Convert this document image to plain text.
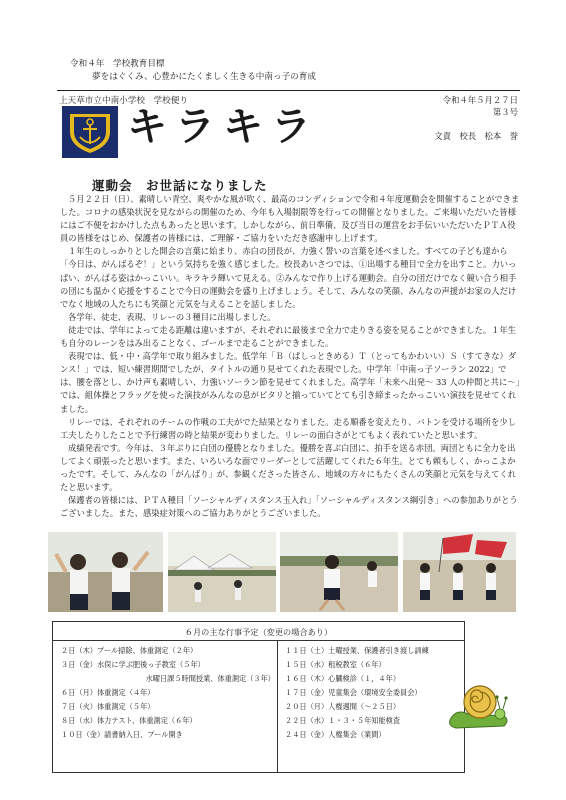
令和４年　学校教育目標
夢をはぐくみ、心豊かにたくましく生きる中南っ子の育成
上天草市立中南小学校　学校便り
キラキラ
令和４年５月２７日
第３号
文責　校長　松本　誉
運動会　お世話になりました

５月２２日（日）、素晴しい青空、爽やかな風が吹く、最高のコンディションで令和４年度運動会を開催することができました。コロナの感染状況を見ながらの開催のため、今年も入場制限等を行っての開催となりました。ご来場いただいた皆様にはご不便をおかけした点もあったと思います。しかしながら、前日準備、及び当日の運営をお手伝いいただいたＰＴＡ役員の皆様をはじめ、保護者の皆様には、ご理解・ご協力をいただき感謝申し上げます。

１年生のしっかりとした開会の言葉に始まり、赤白の団長が、力強く誓いの言葉を述べました。すべての子ども達から「今日は、がんばるぞ！」という気持ちを強く感じました。校長あいさつでは、①出場する種目で全力を出すこと。力いっぱい、がんばる姿はかっこいい。キラキラ輝いて見える。②みんなで作り上げる運動会。自分の団だけでなく競い合う相手の団にも温かく応援をすることで今日の運動会を盛り上げましょう。そして、みんなの笑顔、みんなの声援がお家の人だけでなく地域の人たちにも笑顔と元気を与えることを話しました。

各学年、徒走、表現、リレーの３種目に出場しました。

徒走では、学年によって走る距離は違いますが、それぞれに最後まで全力で走りきる姿を見ることができました。１年生も自分のレーンをはみ出ることなく、ゴールまで走ることができました。

表現では、低・中・高学年で取り組みました。低学年「Ｂ（ぱしっときめる）Ｔ（とってもかわいい）Ｓ（すてきな）ダンス！」では、短い練習期間でしたが、タイトルの通り見せてくれた表現でした。中学年「中南っ子ソーラン 2022」では、腰を落とし、かけ声も素晴しい、力強いソーラン節を見せてくれました。高学年「未来へ出発～ 33 人の仲間と共に～」では、組体操とフラッグを使った演技がみんなの息がピタリと揃っていてとても引き締まったかっこいい演技を見せてくれました。

リレーでは、それぞれのチームの作戦の工夫がでた結果となりました。走る順番を変えたり、バトンを受ける場所を少し工夫したりしたことで予行練習の時と結果が変わりました。リレーの面白さがとてもよく表れていたと思います。

成績発表です。今年は、３年ぶりに白団の優勝となりました。優勝を喜ぶ白団に、拍手を送る赤団。両団ともに全力を出してよく頑張ったと思います。また、いろいろな面でリーダーとして活躍してくれた６年生。とても頼もしく、かっこよかったです。そして、みんなの「がんばり」が、参観くださった皆さん、地域の方々にもたくさんの笑顔と元気を与えてくれたと思います。

保護者の皆様には、ＰＴＡ種目「ソーシャルディスタンス玉入れ」「ソーシャルディスタンス綱引き」への参加ありがとうございました。また、感染症対策へのご協力ありがとうございました。

６月の主な行事予定（変更の場合あり）
２日（木）プール掃除、体重測定（２年）
３日（金）水俣に学ぶ肥後っ子教室（５年）
水曜日課５時間授業、体重測定（３年）
６日（月）体重測定（４年）
７日（火）体重測定（５年）
８日（水）体力テスト、体重測定（６年）
１０日（金）請書納入日、プール開き
１１日（土）土曜授業、保護者引き渡し訓練
１５日（水）租税教室（６年）
１６日（木）心臓検診（１，４年）
１７日（金）児童集会（環境安全委員会）
２０日（月）人権週間（～２５日）
２２日（水）１・３・５年知能検査
２４日（金）人権集会（業間）
